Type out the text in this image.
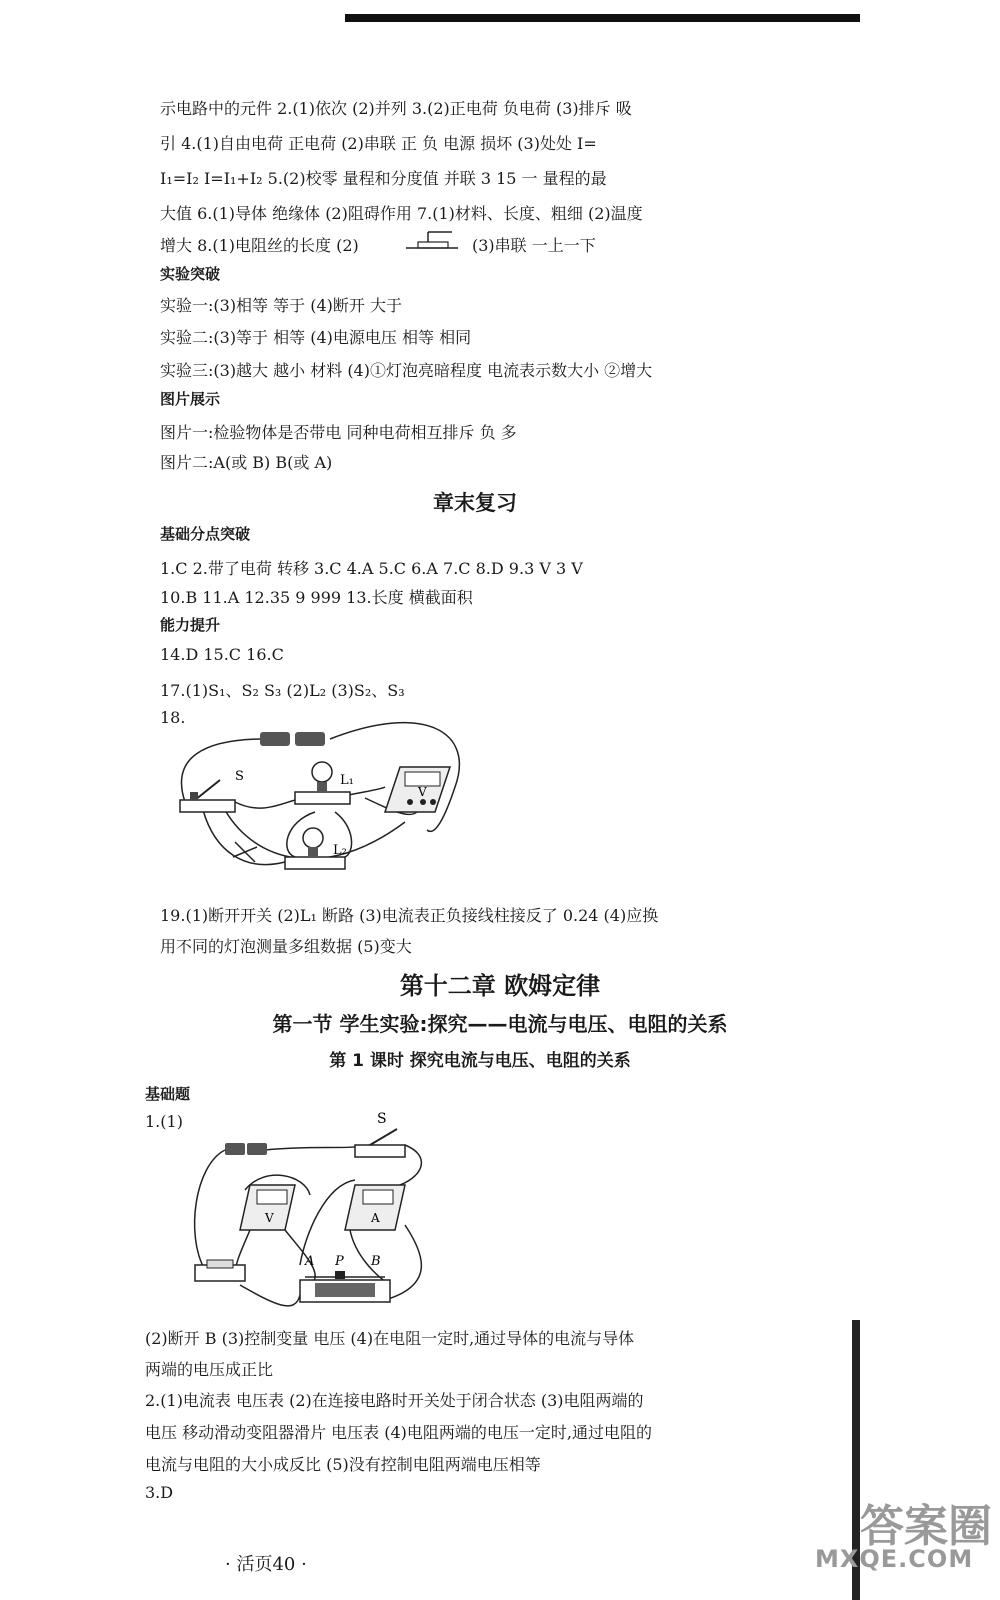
示电路中的元件 2.(1)依次 (2)并列 3.(2)正电荷 负电荷 (3)排斥 吸
引 4.(1)自由电荷 正电荷 (2)串联 正 负 电源 损坏 (3)处处 I=
I₁=I₂ I=I₁+I₂ 5.(2)校零 量程和分度值 并联 3 15 一 量程的最
大值 6.(1)导体 绝缘体 (2)阻碍作用 7.(1)材料、长度、粗细 (2)温度
增大 8.(1)电阻丝的长度 (2)	(3)串联 一上一下
实验突破
实验一:(3)相等 等于 (4)断开 大于
实验二:(3)等于 相等 (4)电源电压 相等 相同
实验三:(3)越大 越小 材料 (4)①灯泡亮暗程度 电流表示数大小 ②增大
图片展示
图片一:检验物体是否带电 同种电荷相互排斥 负 多
图片二:A(或 B) B(或 A)
章末复习
基础分点突破
1.C 2.带了电荷 转移 3.C 4.A 5.C 6.A 7.C 8.D 9.3 V 3 V
10.B 11.A 12.35 9 999 13.长度 横截面积
能力提升
14.D 15.C 16.C
17.(1)S₁、S₂ S₃ (2)L₂ (3)S₂、S₃
18.
S	L₁
V
L₂
19.(1)断开开关 (2)L₁ 断路 (3)电流表正负接线柱接反了 0.24 (4)应换
用不同的灯泡测量多组数据 (5)变大
第十二章 欧姆定律
第一节 学生实验:探究——电流与电压、电阻的关系
第 1 课时 探究电流与电压、电阻的关系
基础题
1.(1)	S
V	A
A P B
(2)断开 B (3)控制变量 电压 (4)在电阻一定时,通过导体的电流与导体
两端的电压成正比
2.(1)电流表 电压表 (2)在连接电路时开关处于闭合状态 (3)电阻两端的
电压 移动滑动变阻器滑片 电压表 (4)电阻两端的电压一定时,通过电阻的
电流与电阻的大小成反比 (5)没有控制电阻两端电压相等
3.D
· 活页40 ·
答案圈
MXQE.COM
